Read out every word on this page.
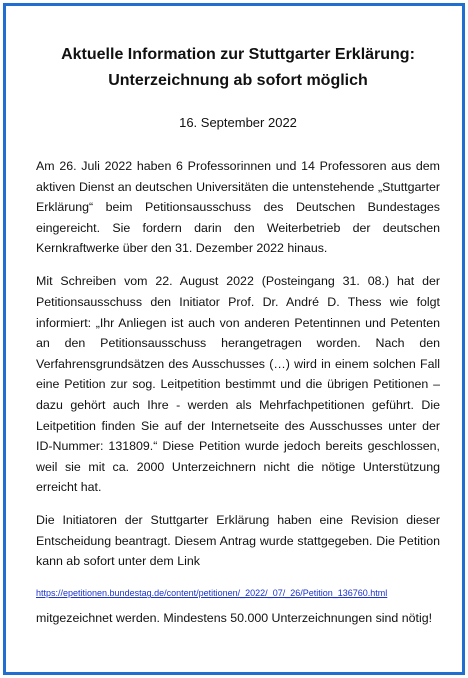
Aktuelle Information zur Stuttgarter Erklärung:
Unterzeichnung ab sofort möglich
16. September 2022

Am 26. Juli 2022 haben 6 Professorinnen und 14 Professoren aus dem aktiven Dienst an deutschen Universitäten die untenstehende „Stuttgarter Erklärung“ beim Petitionsausschuss des Deutschen Bundestages eingereicht. Sie fordern darin den Weiterbetrieb der deutschen Kernkraftwerke über den 31. Dezember 2022 hinaus.

Mit Schreiben vom 22. August 2022 (Posteingang 31. 08.) hat der Petitionsausschuss den Initiator Prof. Dr. André D. Thess wie folgt informiert: „Ihr Anliegen ist auch von anderen Petentinnen und Petenten an den Petitionsausschuss herangetragen worden. Nach den Verfahrensgrundsätzen des Ausschusses (…) wird in einem solchen Fall eine Petition zur sog. Leitpetition bestimmt und die übrigen Petitionen – dazu gehört auch Ihre - werden als Mehrfachpetitionen geführt. Die Leitpetition finden Sie auf der Internetseite des Ausschusses unter der ID-Nummer: 131809.“ Diese Petition wurde jedoch bereits geschlossen, weil sie mit ca. 2000 Unterzeichnern nicht die nötige Unterstützung erreicht hat.

Die Initiatoren der Stuttgarter Erklärung haben eine Revision dieser Entscheidung beantragt. Diesem Antrag wurde stattgegeben. Die Petition kann ab sofort unter dem Link

https://epetitionen.bundestag.de/content/petitionen/_2022/_07/_26/Petition_136760.html
mitgezeichnet werden. Mindestens 50.000 Unterzeichnungen sind nötig!
